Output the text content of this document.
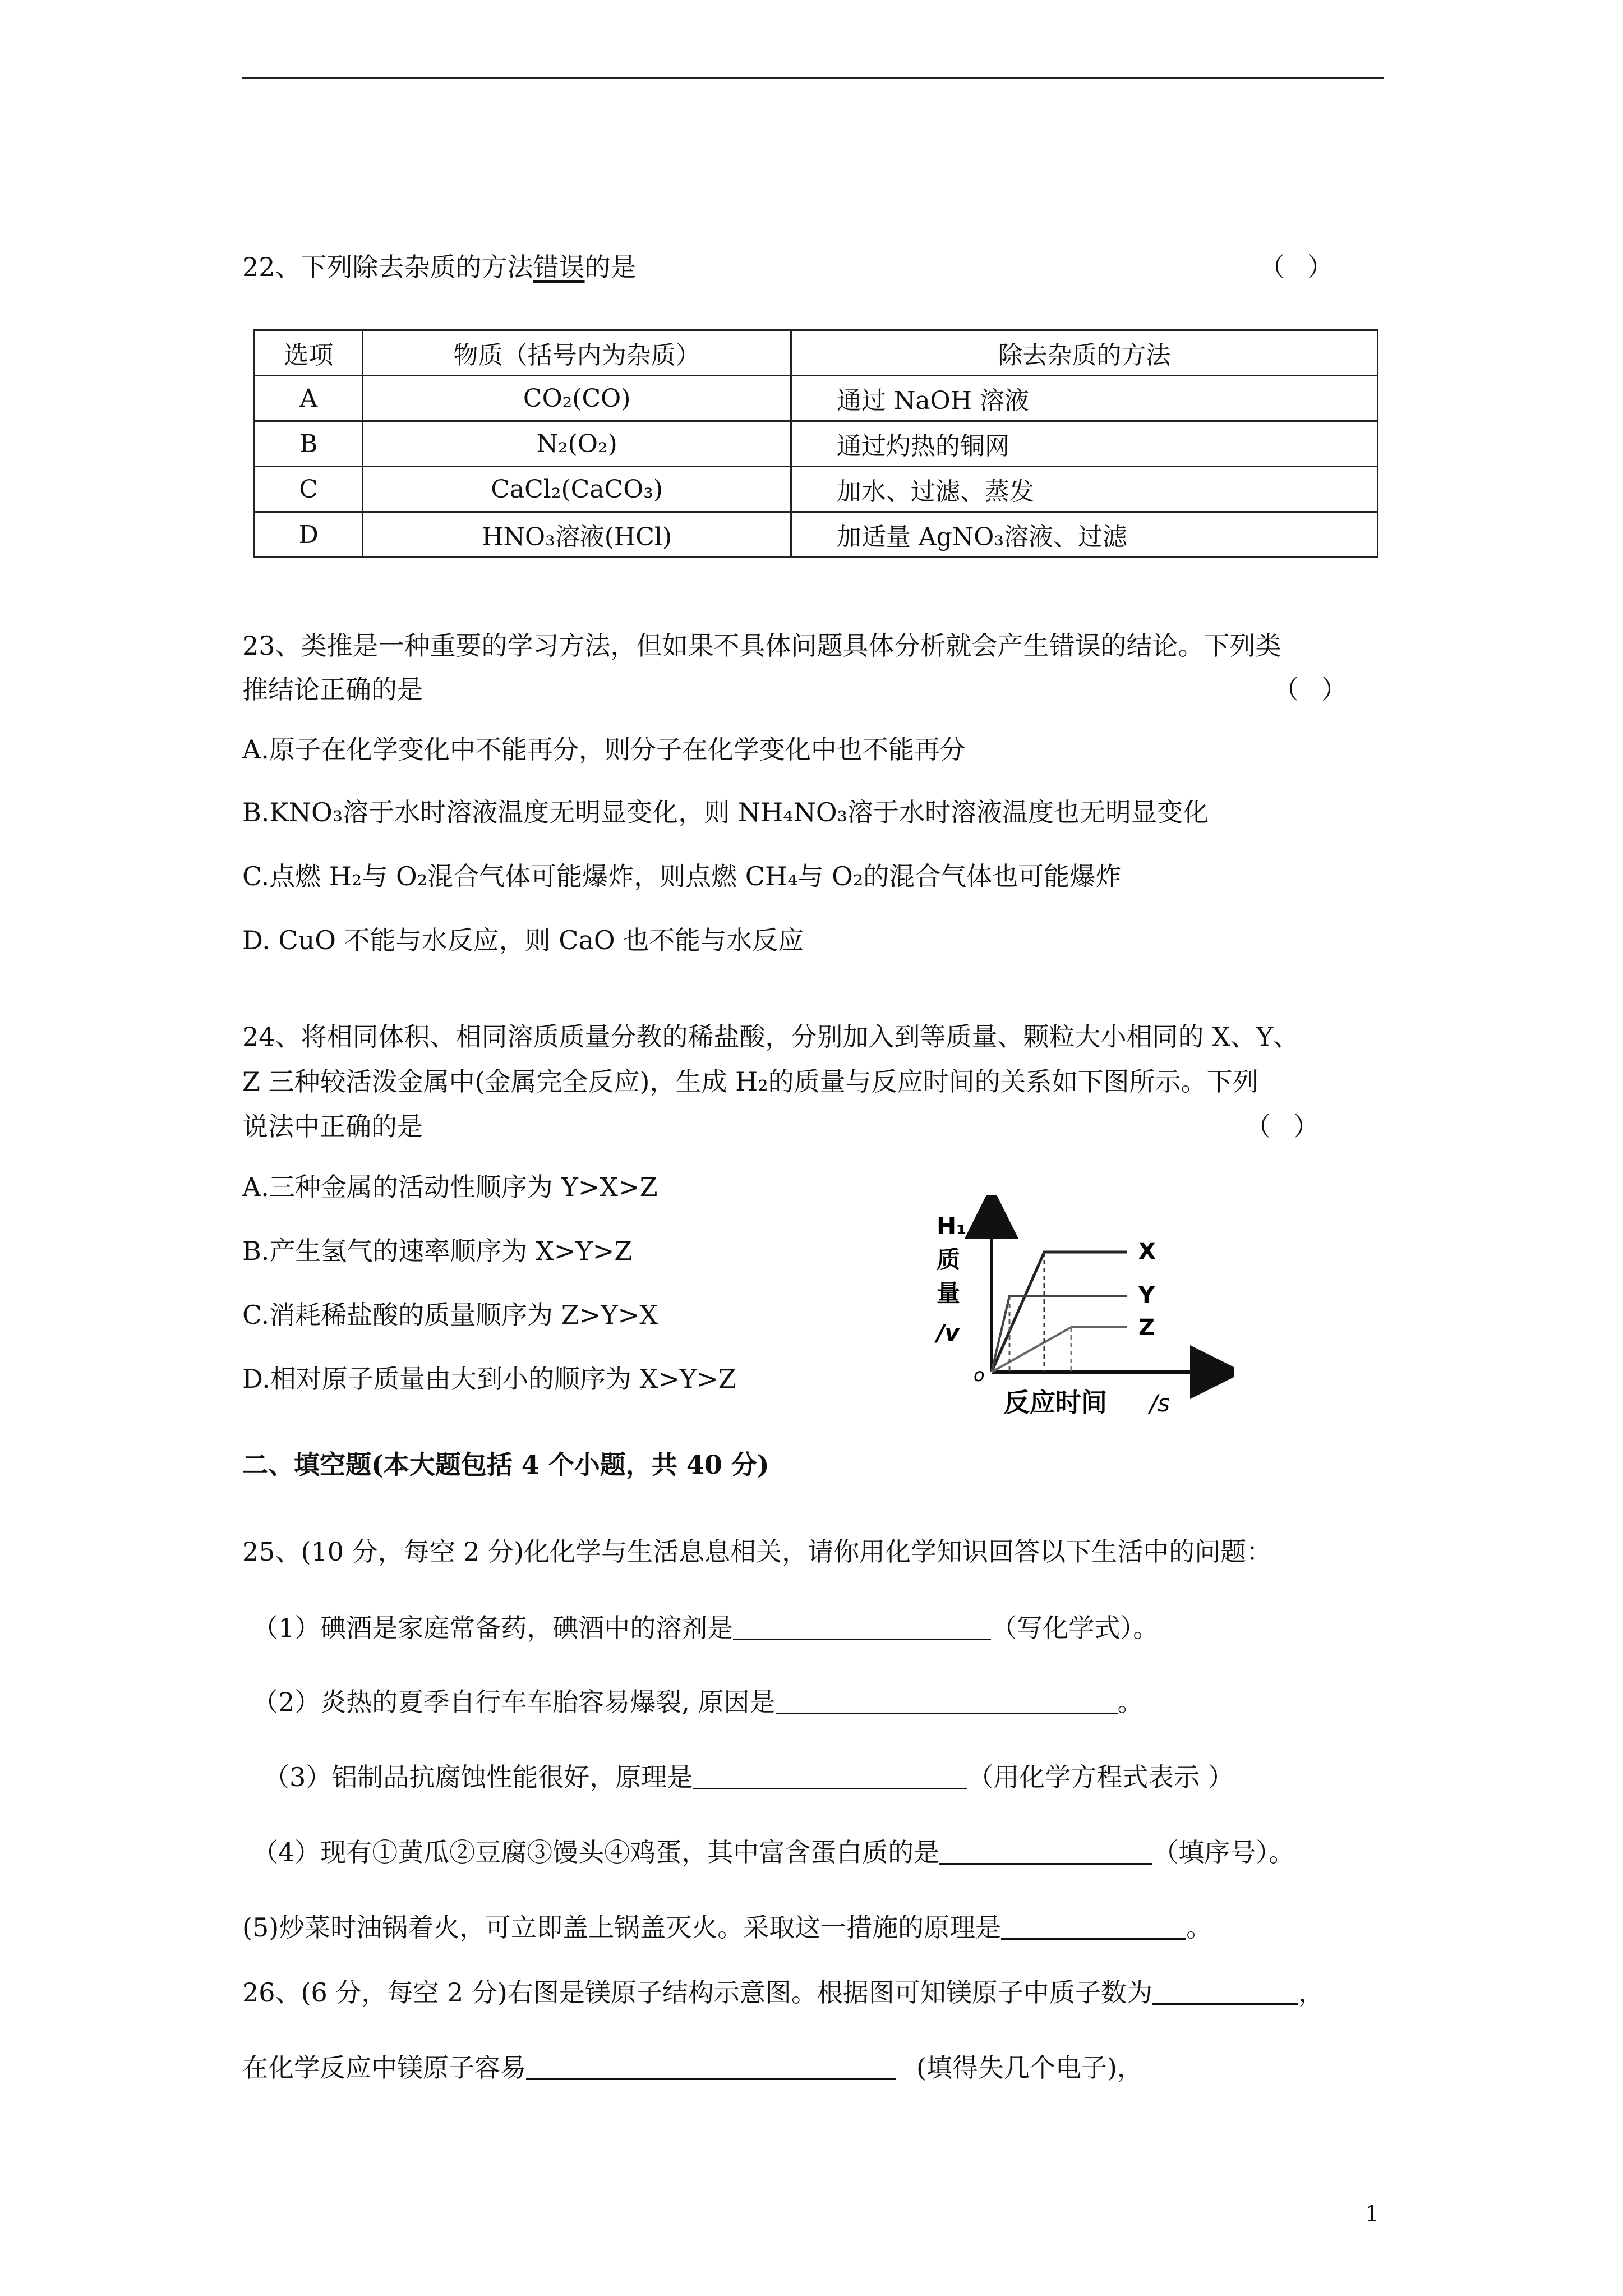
22、下列除去杂质的方法错误的是	（）
选项	物质（括号内为杂质）	除去杂质的方法
A	CO₂(CO)	通过 NaOH 溶液
B	N₂(O₂)	通过灼热的铜网
C	CaCl₂(CaCO₃)	加水、过滤、蒸发
D	HNO₃溶液(HCl)	加适量 AgNO₃溶液、过滤
23、类推是一种重要的学习方法，但如果不具体问题具体分析就会产生错误的结论。下列类
推结论正确的是	（）
A.原子在化学变化中不能再分，则分子在化学变化中也不能再分
B.KNO₃溶于水时溶液温度无明显变化，则 NH₄NO₃溶于水时溶液温度也无明显变化
C.点燃 H₂与 O₂混合气体可能爆炸，则点燃 CH₄与 O₂的混合气体也可能爆炸
D. CuO 不能与水反应，则 CaO 也不能与水反应
24、将相同体积、相同溶质质量分教的稀盐酸，分别加入到等质量、颗粒大小相同的 X、Y、
Z 三种较活泼金属中(金属完全反应)，生成 H₂的质量与反应时间的关系如下图所示。下列
说法中正确的是	（）
A.三种金属的活动性顺序为 Y>X>Z
B.产生氢气的速率顺序为 X>Y>Z
C.消耗稀盐酸的质量顺序为 Z>Y>X
D.相对原子质量由大到小的顺序为 X>Y>Z
H₁
质
量
/v
o
X
Y
Z
反应时间 /s
二、填空题(本大题包括 4 个小题，共 40 分)
25、(10 分，每空 2 分)化化学与生活息息相关，请你用化学知识回答以下生活中的问题：
（1）碘酒是家庭常备药，碘酒中的溶剂是	（写化学式）。
（2）炎热的夏季自行车车胎容易爆裂, 原因是	。
（3）铝制品抗腐蚀性能很好，原理是	（用化学方程式表示 ）
（4）现有①黄瓜②豆腐③馒头④鸡蛋，其中富含蛋白质的是	（填序号）。
(5)炒菜时油锅着火，可立即盖上锅盖灭火。采取这一措施的原理是	。
26、(6 分，每空 2 分)右图是镁原子结构示意图。根据图可知镁原子中质子数为	，
在化学反应中镁原子容易	(填得失几个电子)，
1
